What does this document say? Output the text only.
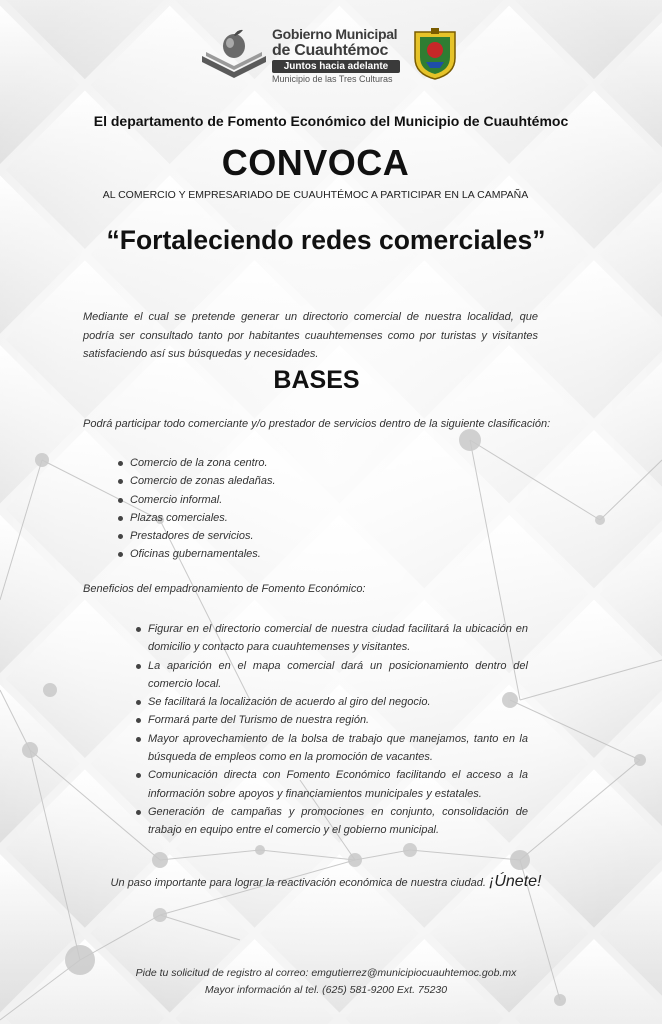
Gobierno Municipal
de Cuauhtémoc
Juntos hacia adelante
Municipio de las Tres Culturas
El departamento de Fomento Económico del Municipio de Cuauhtémoc
CONVOCA
AL COMERCIO Y EMPRESARIADO DE CUAUHTÉMOC A PARTICIPAR EN LA CAMPAÑA
“Fortaleciendo redes comerciales”
Mediante el cual se pretende generar un directorio comercial de nuestra localidad, que podría ser consultado tanto por habitantes cuauhtemenses como por turistas y visitantes satisfaciendo así sus búsquedas y necesidades.
BASES
Podrá participar todo comerciante y/o prestador de servicios dentro de la siguiente clasificación:
Comercio de la zona centro.
Comercio de zonas aledañas.
Comercio informal.
Plazas comerciales.
Prestadores de servicios.
Oficinas gubernamentales.
Beneficios del empadronamiento de Fomento Económico:
Figurar en el directorio comercial de nuestra ciudad facilitará la ubicación en domicilio y contacto para cuauhtemenses y visitantes.
La aparición en el mapa comercial dará un posicionamiento dentro del comercio local.
Se facilitará la localización de acuerdo al giro del negocio.
Formará parte del Turismo de nuestra región.
Mayor aprovechamiento de la bolsa de trabajo que manejamos, tanto en la búsqueda de empleos como en la promoción de vacantes.
Comunicación directa con Fomento Económico facilitando el acceso a la información sobre apoyos y financiamientos municipales y estatales.
Generación de campañas y promociones en conjunto, consolidación de trabajo en equipo entre el comercio y el gobierno municipal.
Un paso importante para lograr la reactivación económica de nuestra ciudad. ¡Únete!
Pide tu solicitud de registro al correo: emgutierrez@municipiocuauhtemoc.gob.mx
Mayor información al tel. (625) 581-9200 Ext. 75230
